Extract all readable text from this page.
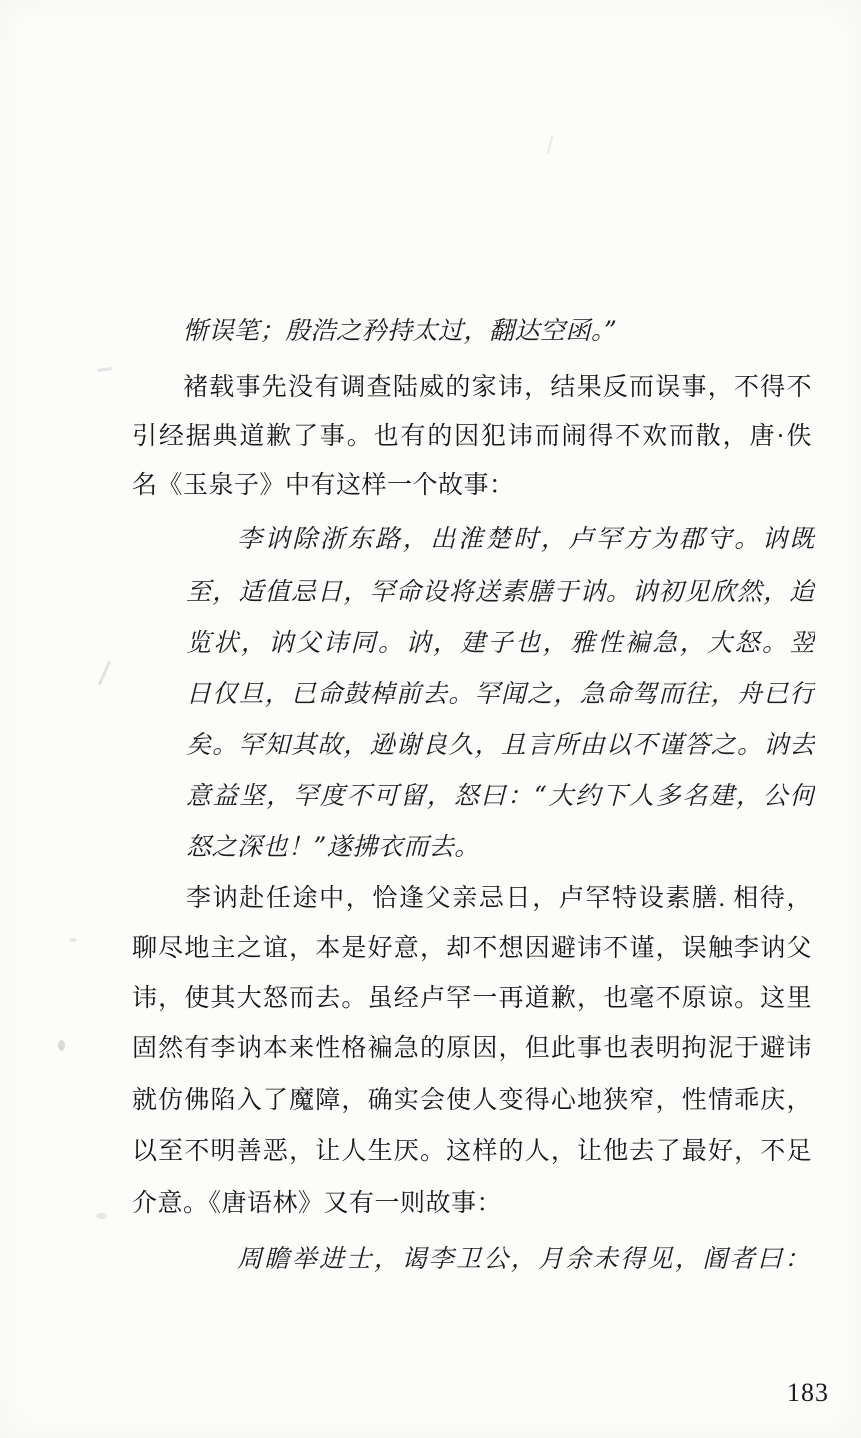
惭误笔；殷浩之矜持太过，翻达空函。”
褚载事先没有调查陆威的家讳，结果反而误事，不得不
引经据典道歉了事。也有的因犯讳而闹得不欢而散，唐·佚
名《玉泉子》中有这样一个故事：
李讷除浙东路，出淮楚时，卢罕方为郡守。讷既
至，适值忌日，罕命设将送素膳于讷。讷初见欣然，迨
览状，讷父讳同。讷，建子也，雅性褊急，大怒。翌
日仅旦，已命鼓棹前去。罕闻之，急命驾而往，舟已行
矣。罕知其故，逊谢良久，且言所由以不谨答之。讷去
意益坚，罕度不可留，怒曰：“大约下人多名建，公何
怒之深也！”遂拂衣而去。
李讷赴任途中，恰逢父亲忌日，卢罕特设素膳. 相待，
聊尽地主之谊，本是好意，却不想因避讳不谨，误触李讷父
讳，使其大怒而去。虽经卢罕一再道歉，也毫不原谅。这里
固然有李讷本来性格褊急的原因，但此事也表明拘泥于避讳
就仿佛陷入了魔障，确实会使人变得心地狭窄，性情乖庆，
以至不明善恶，让人生厌。这样的人，让他去了最好，不足
介意。《唐语林》又有一则故事：
周瞻举进士，谒李卫公，月余未得见，阍者曰：
183
